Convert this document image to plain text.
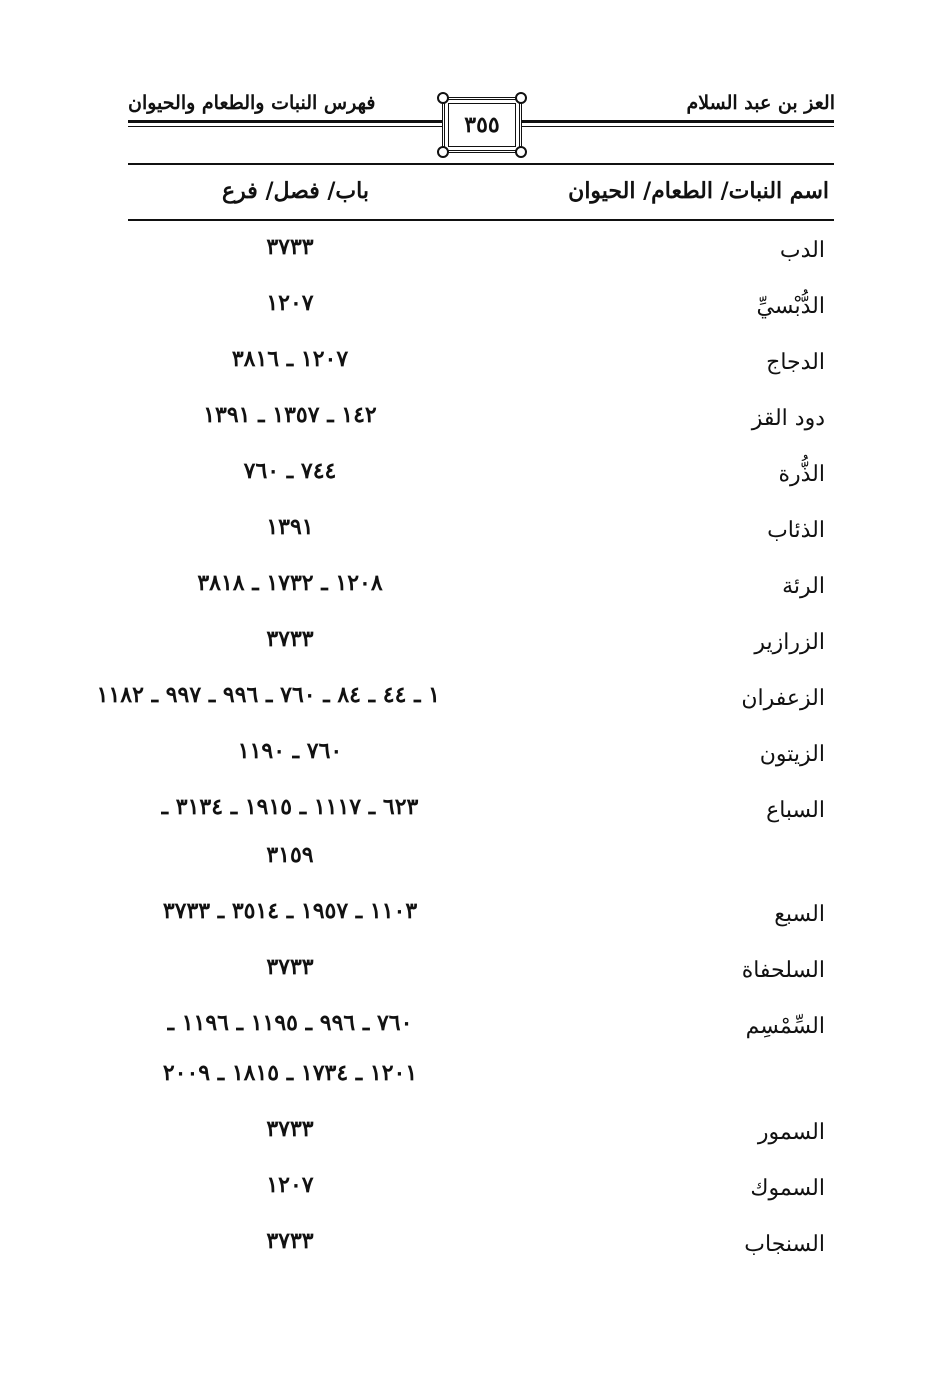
العز بن عبد السلام
فهرس النبات والطعام والحيوان
٣٥٥
اسم النبات/ الطعام/ الحيوان
باب/ فصل/ فرع
الدب
٣٧٣٣
الدُّبْسيِّ
١٢٠٧
الدجاج
١٢٠٧ ـ ٣٨١٦
دود القز
١٤٢ ـ ١٣٥٧ ـ ١٣٩١
الذُّرة
٧٤٤ ـ ٧٦٠
الذئاب
١٣٩١
الرئة
١٢٠٨ ـ ١٧٣٢ ـ ٣٨١٨
الزرازير
٣٧٣٣
الزعفران
١ ـ ٤٤ ـ ٨٤ ـ ٧٦٠ ـ ٩٩٦ ـ ٩٩٧ ـ ١١٨٢
الزيتون
٧٦٠ ـ ١١٩٠
السباع
٦٢٣ ـ ١١١٧ ـ ١٩١٥ ـ ٣١٣٤ ـ
٣١٥٩
السبع
١١٠٣ ـ ١٩٥٧ ـ ٣٥١٤ ـ ٣٧٣٣
السلحفاة
٣٧٣٣
السِّمْسِم
٧٦٠ ـ ٩٩٦ ـ ١١٩٥ ـ ١١٩٦ ـ
١٢٠١ ـ ١٧٣٤ ـ ١٨١٥ ـ ٢٠٠٩
السمور
٣٧٣٣
السموك
١٢٠٧
السنجاب
٣٧٣٣
